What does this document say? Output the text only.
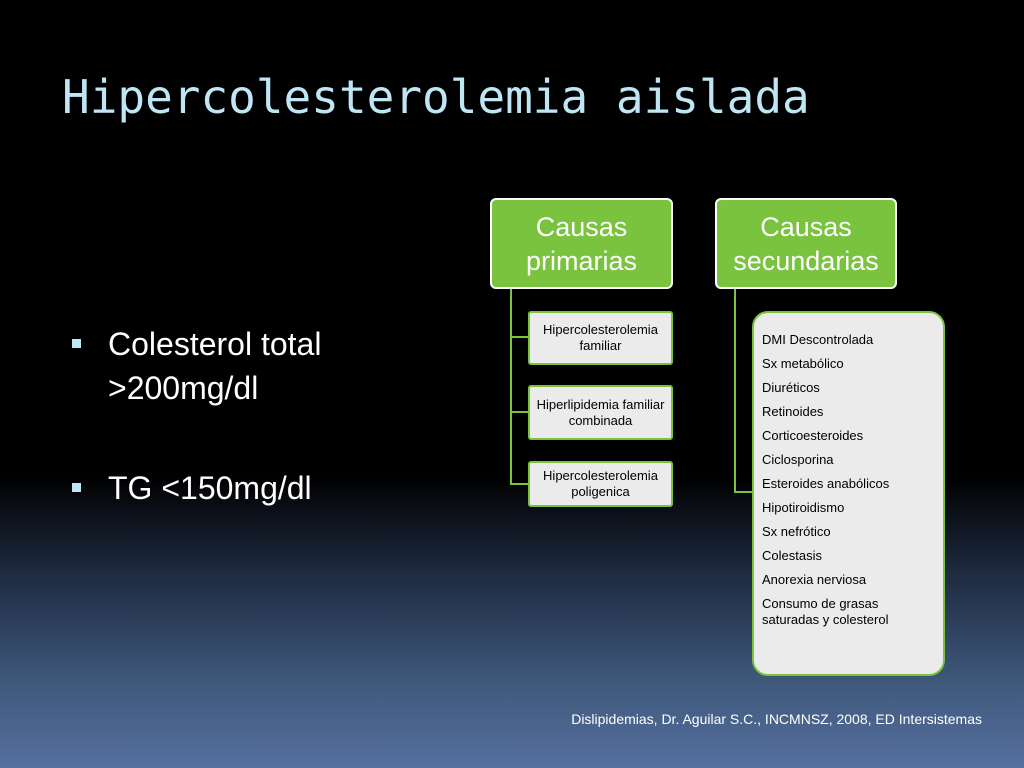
Hipercolesterolemia aislada
Colesterol total >200mg/dl
TG <150mg/dl
Causas primarias
Causas secundarias
Hipercolesterolemia familiar
Hiperlipidemia familiar combinada
Hipercolesterolemia poligenica
DMI Descontrolada
Sx metabólico
Diuréticos
Retinoides
Corticoesteroides
Ciclosporina
Esteroides anabólicos
Hipotiroidismo
Sx nefrótico
Colestasis
Anorexia nerviosa
Consumo de grasas saturadas y colesterol
Dislipidemias, Dr. Aguilar S.C., INCMNSZ, 2008, ED Intersistemas
